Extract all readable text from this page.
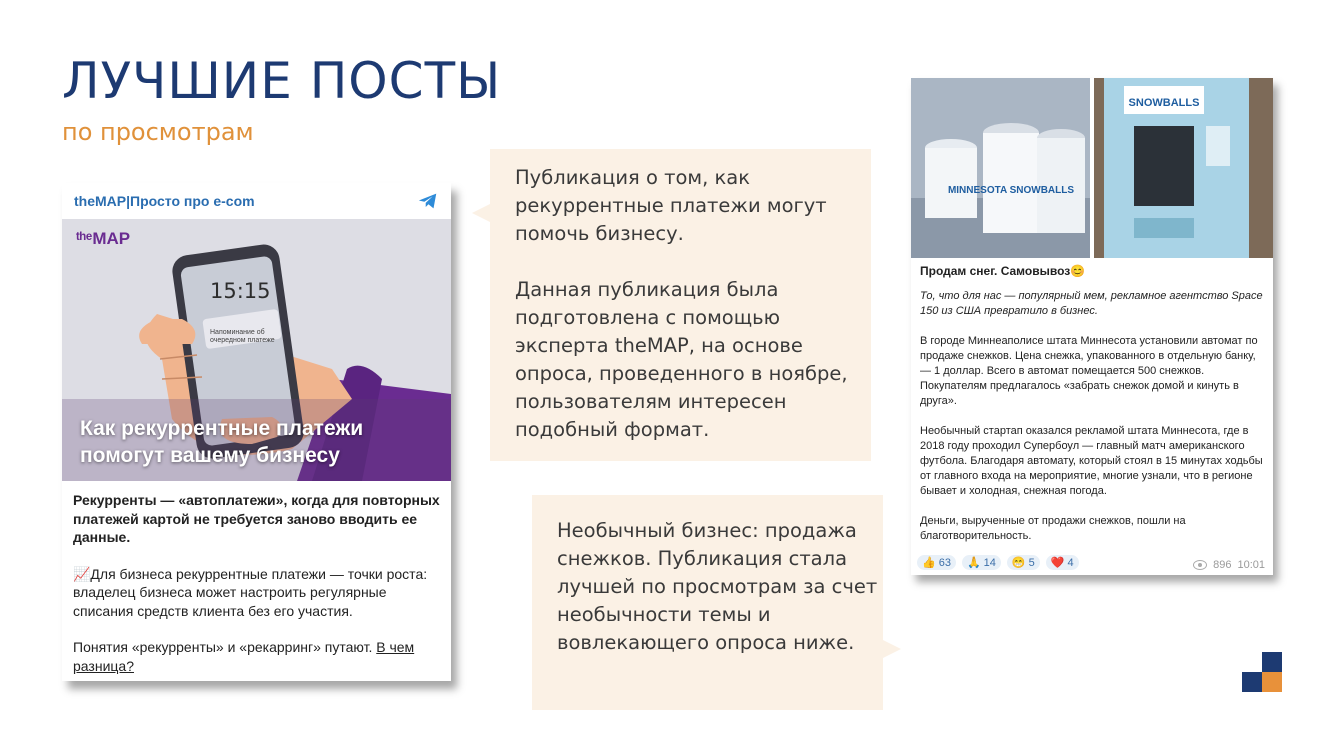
ЛУЧШИЕ ПОСТЫ
по просмотрам
theMAP|Просто про e-com
ᵗʰᵉMAP
15:15
Напоминание об очередном платеже
Как рекуррентные платежи помогут вашему бизнесу

Рекурренты — «автоплатежи», когда для повторных платежей картой не требуется заново вводить ее данные.

📈Для бизнеса рекуррентные платежи — точки роста: владелец бизнеса может настроить регулярные списания средств клиента без его участия.

Понятия «рекурренты» и «рекарринг» путают. В чем разница?

Публикация о том, как рекуррентные платежи могут помочь бизнесу.

Данная публикация была подготовлена с помощью эксперта theMAP, на основе опроса, проведенного в ноябре, пользователям интересен подобный формат.

Необычный бизнес: продажа снежков. Публикация стала лучшей по просмотрам за счет необычности темы и вовлекающего опроса ниже.

MINNESOTA SNOWBALLS
SNOWBALLS

Продам снег. Самовывоз😊

То, что для нас — популярный мем, рекламное агентство Space 150 из США превратило в бизнес.

В городе Миннеаполисе штата Миннесота установили автомат по продаже снежков. Цена снежка, упакованного в отдельную банку, — 1 доллар. Всего в автомат помещается 500 снежков. Покупателям предлагалось «забрать снежок домой и кинуть в друга».

Необычный стартап оказался рекламой штата Миннесота, где в 2018 году проходил Супербоул — главный матч американского футбола. Благодаря автомату, который стоял в 15 минутах ходьбы от главного входа на мероприятие, многие узнали, что в регионе бывает и холодная, снежная погода.

Деньги, вырученные от продажи снежков, пошли на благотворительность.

👍 63 🙏 14 😁 5 ❤️ 4	896 10:01
